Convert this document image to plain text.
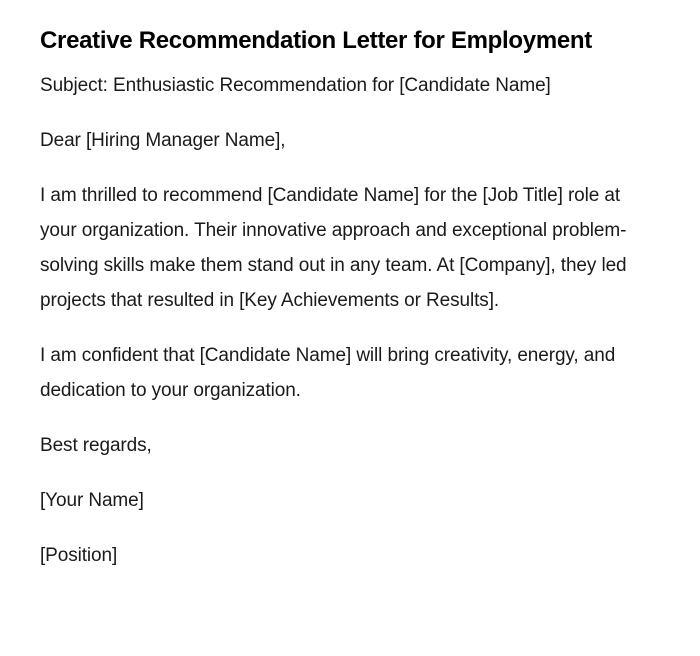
Creative Recommendation Letter for Employment

Subject: Enthusiastic Recommendation for [Candidate Name]

Dear [Hiring Manager Name],

I am thrilled to recommend [Candidate Name] for the [Job Title] role at your organization. Their innovative approach and exceptional problem-solving skills make them stand out in any team. At [Company], they led projects that resulted in [Key Achievements or Results].

I am confident that [Candidate Name] will bring creativity, energy, and dedication to your organization.

Best regards,

[Your Name]

[Position]
